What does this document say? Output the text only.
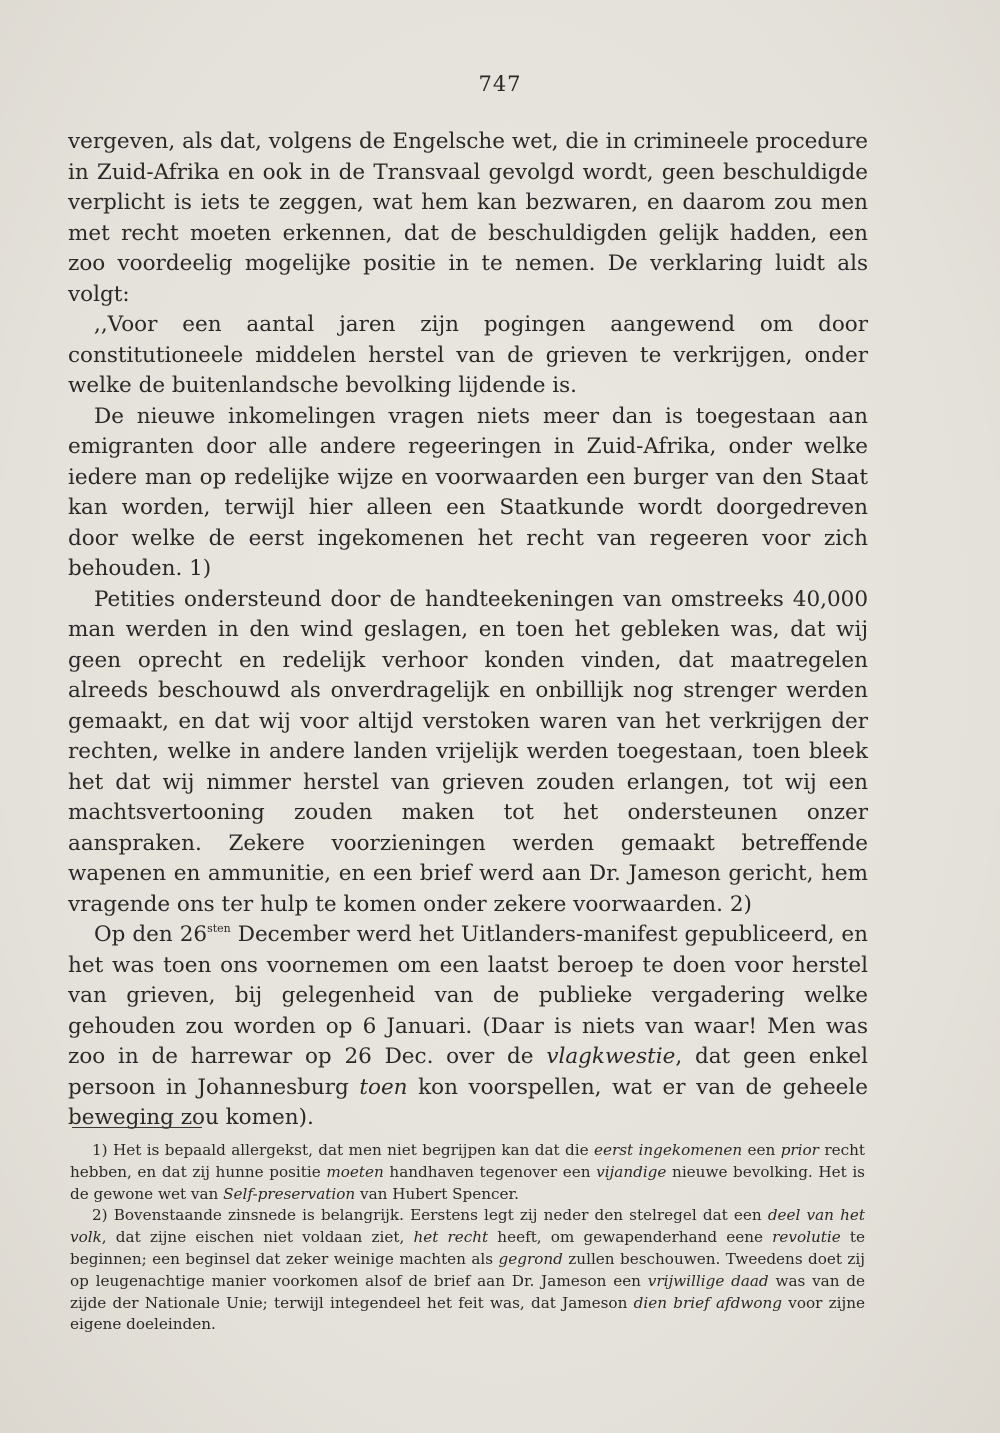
747

vergeven, als dat, volgens de Engelsche wet, die in crimineele procedure in Zuid-Afrika en ook in de Transvaal gevolgd wordt, geen beschuldigde verplicht is iets te zeggen, wat hem kan bezwaren, en daarom zou men met recht moeten erkennen, dat de beschuldigden gelijk hadden, een zoo voordeelig mogelijke positie in te nemen. De verklaring luidt als volgt:

,,Voor een aantal jaren zijn pogingen aangewend om door constitutioneele middelen herstel van de grieven te verkrijgen, onder welke de buitenlandsche bevolking lijdende is.

De nieuwe inkomelingen vragen niets meer dan is toegestaan aan emigranten door alle andere regeeringen in Zuid-Afrika, onder welke iedere man op redelijke wijze en voorwaarden een burger van den Staat kan worden, terwijl hier alleen een Staatkunde wordt doorgedreven door welke de eerst ingekomenen het recht van regeeren voor zich behouden. 1)

Petities ondersteund door de handteekeningen van omstreeks 40,000 man werden in den wind geslagen, en toen het gebleken was, dat wij geen oprecht en redelijk verhoor konden vinden, dat maatregelen alreeds beschouwd als onverdragelijk en onbillijk nog strenger werden gemaakt, en dat wij voor altijd verstoken waren van het verkrijgen der rechten, welke in andere landen vrijelijk werden toegestaan, toen bleek het dat wij nimmer herstel van grieven zouden erlangen, tot wij een machtsvertooning zouden maken tot het ondersteunen onzer aanspraken. Zekere voorzieningen werden gemaakt betreffende wapenen en ammunitie, en een brief werd aan Dr. Jameson gericht, hem vragende ons ter hulp te komen onder zekere voorwaarden. 2)

Op den $26^{sten}$ December werd het Uitlanders-manifest gepubliceerd, en het was toen ons voornemen om een laatst beroep te doen voor herstel van grieven, bij gelegenheid van de publieke vergadering welke gehouden zou worden op 6 Januari. (Daar is niets van waar! Men was zoo in de harrewar op 26 Dec. over de vlagkwestie, dat geen enkel persoon in Johannesburg toen kon voorspellen, wat er van de geheele beweging zou komen).

1) Het is bepaald allergekst, dat men niet begrijpen kan dat die eerst ingekomenen een prior recht hebben, en dat zij hunne positie moeten handhaven tegenover een vijandige nieuwe bevolking. Het is de gewone wet van Self-preservation van Hubert Spencer.

2) Bovenstaande zinsnede is belangrijk. Eerstens legt zij neder den stelregel dat een deel van het volk, dat zijne eischen niet voldaan ziet, het recht heeft, om gewapenderhand eene revolutie te beginnen; een beginsel dat zeker weinige machten als gegrond zullen beschouwen. Tweedens doet zij op leugenachtige manier voorkomen alsof de brief aan Dr. Jameson een vrijwillige daad was van de zijde der Nationale Unie; terwijl integendeel het feit was, dat Jameson dien brief afdwong voor zijne eigene doeleinden.
